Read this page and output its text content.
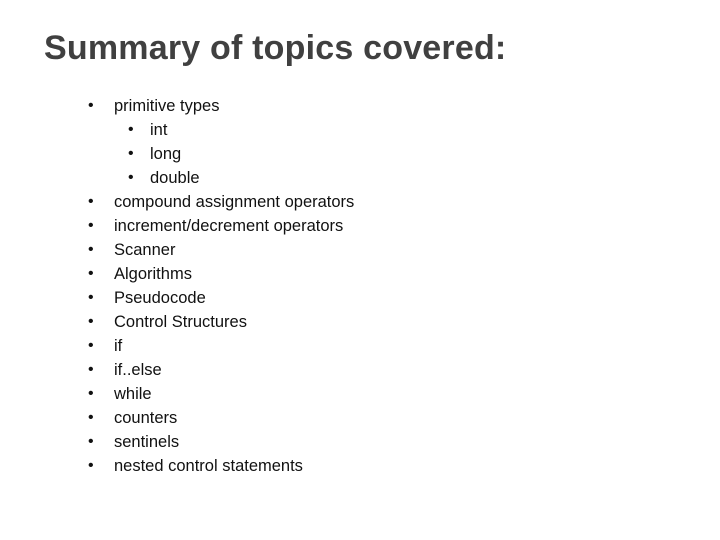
Summary of topics covered:
•	primitive types
• int
• long
• double
•	compound assignment operators
•	increment/decrement operators
•	Scanner
•	Algorithms
•	Pseudocode
•	Control Structures
•	if
•	if..else
•	while
•	counters
•	sentinels
•	nested control statements
